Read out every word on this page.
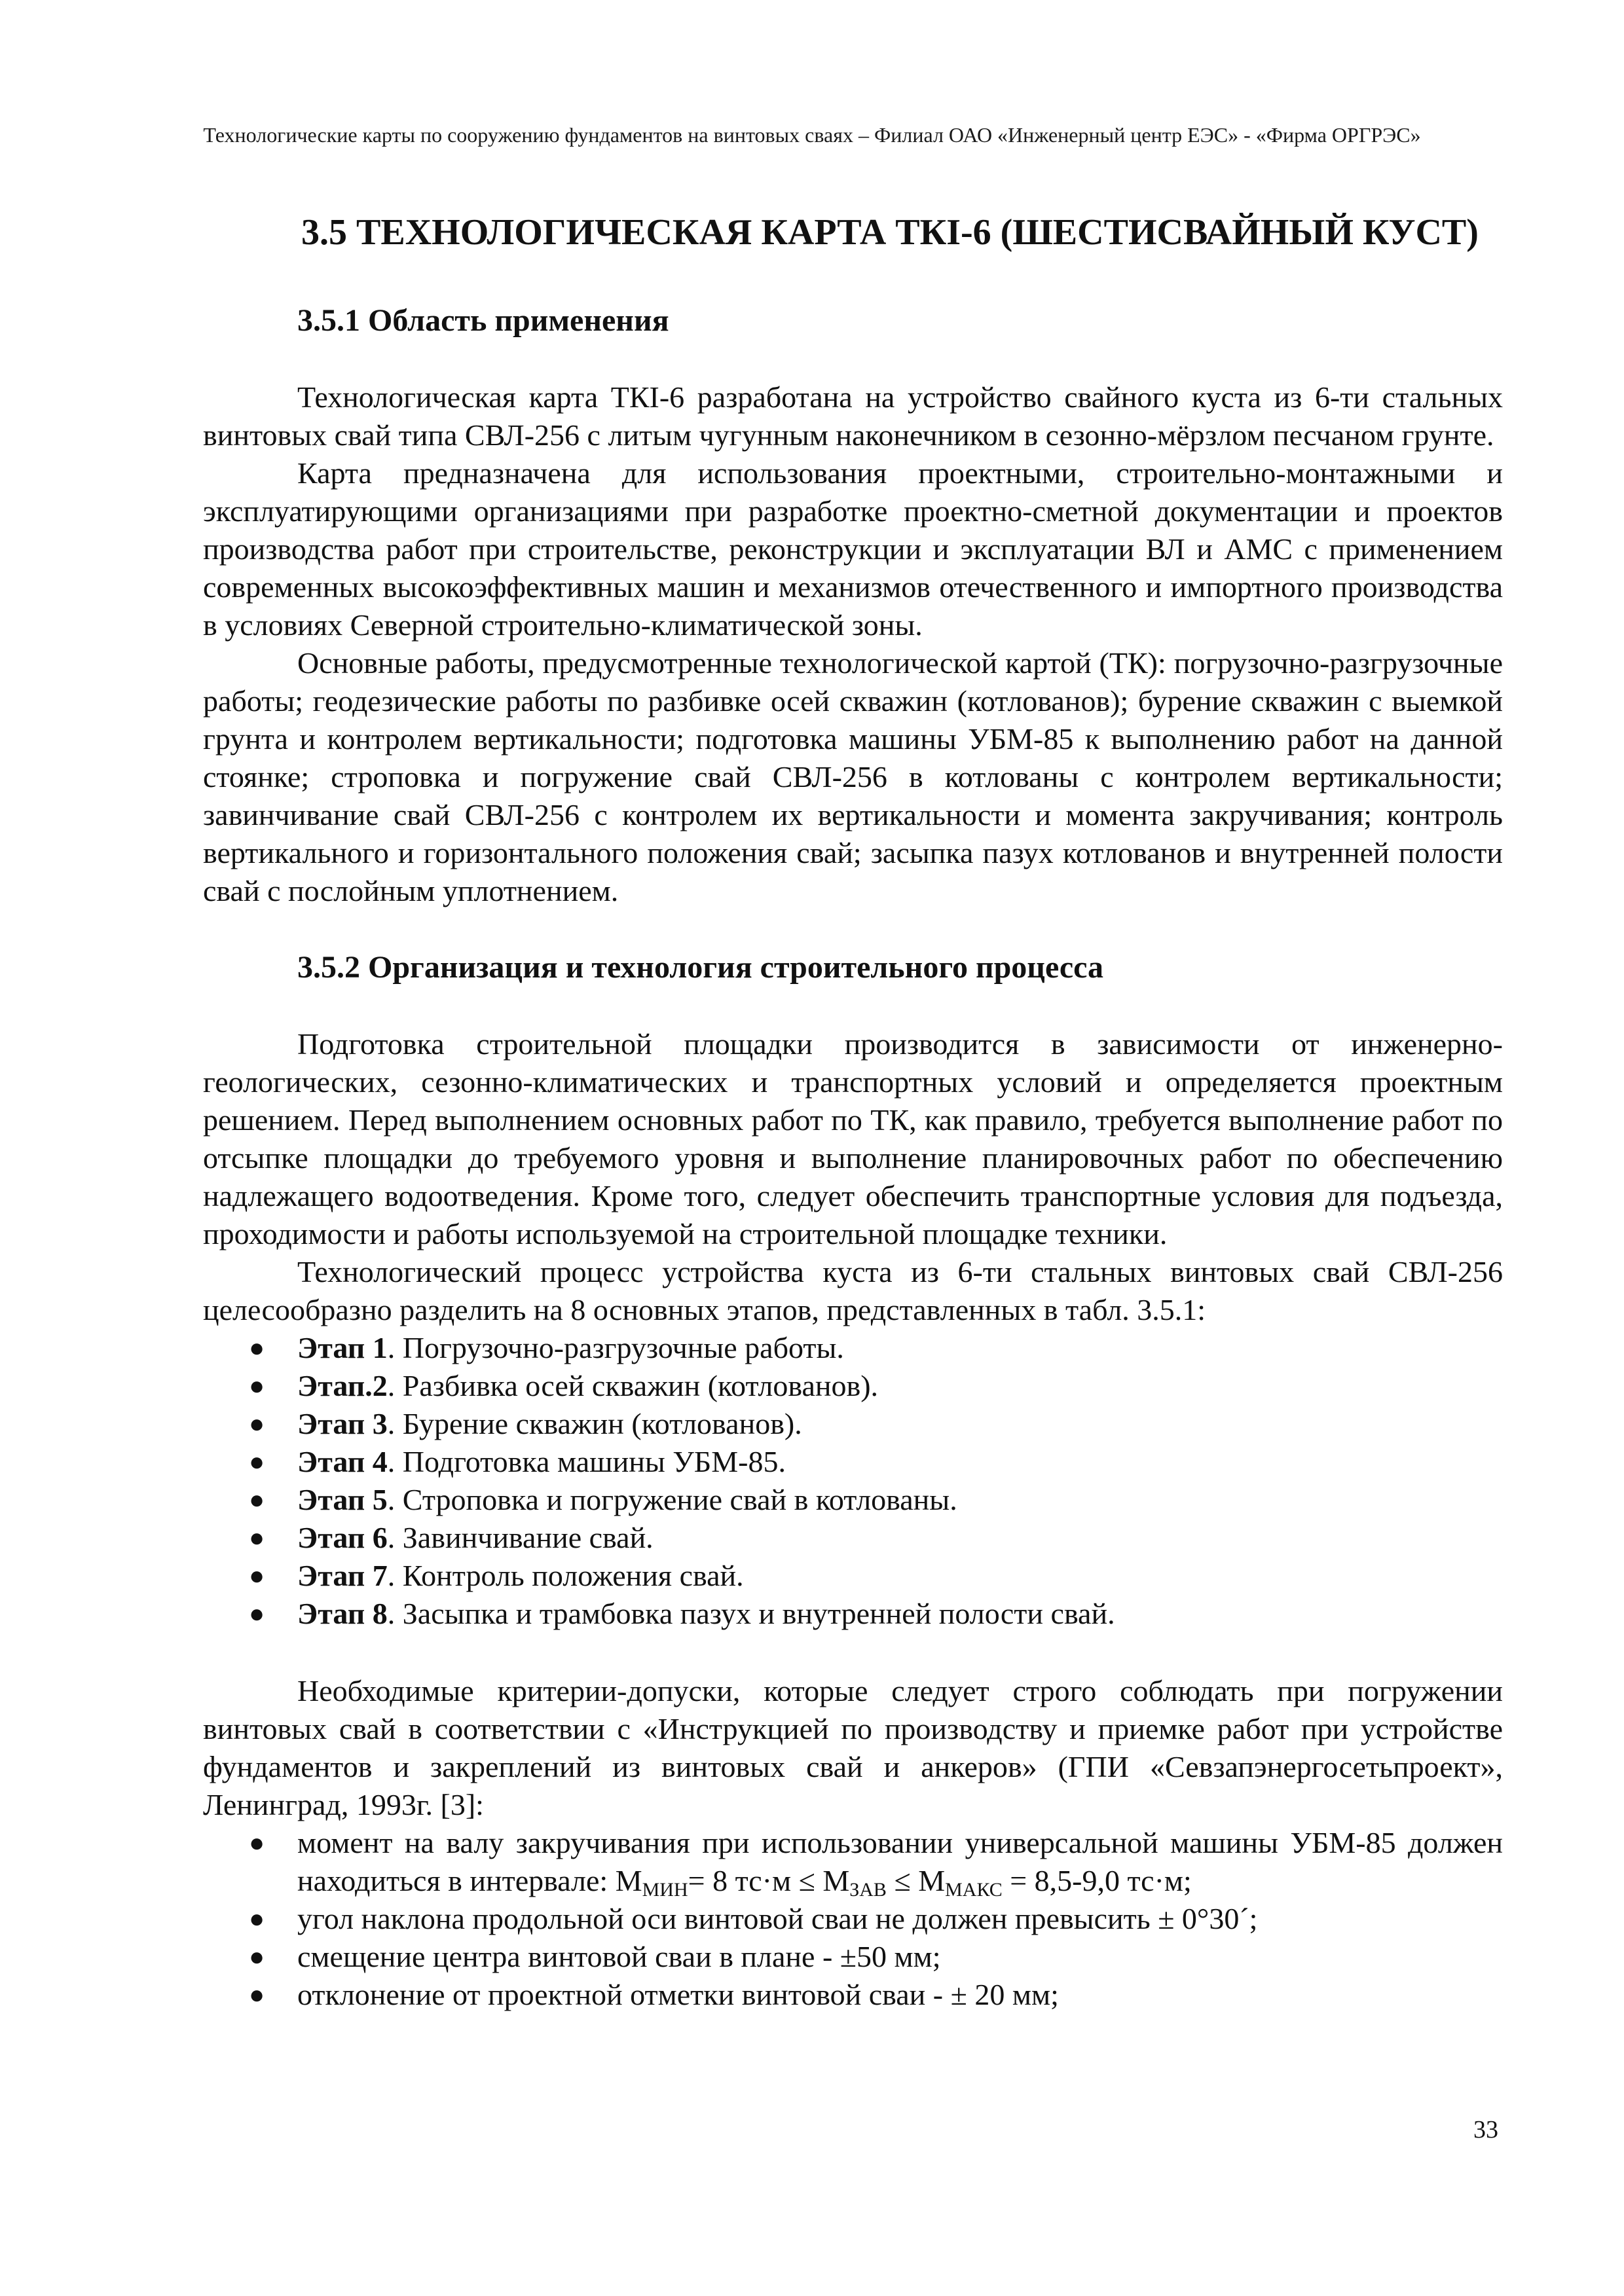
Технологические карты по сооружению фундаментов на винтовых сваях – Филиал ОАО «Инженерный центр ЕЭС» - «Фирма ОРГРЭС»
3.5 ТЕХНОЛОГИЧЕСКАЯ КАРТА ТКІ-6 (ШЕСТИСВАЙНЫЙ КУСТ)
3.5.1 Область применения

Технологическая карта ТКІ-6 разработана на устройство свайного куста из 6-ти стальных винтовых свай типа СВЛ-256 с литым чугунным наконечником в сезонно-мёрзлом песчаном грунте.

Карта предназначена для использования проектными, строительно-монтажными и эксплуатирующими организациями при разработке проектно-сметной документации и проектов производства работ при строительстве, реконструкции и эксплуатации ВЛ и АМС с применением современных высокоэффективных машин и механизмов отечественного и импортного производства в условиях Северной строительно-климатической зоны.

Основные работы, предусмотренные технологической картой (ТК): погрузочно-разгрузочные работы; геодезические работы по разбивке осей скважин (котлованов); бурение скважин с выемкой грунта и контролем вертикальности; подготовка машины УБМ-85 к выполнению работ на данной стоянке; строповка и погружение свай СВЛ-256 в котлованы с контролем вертикальности; завинчивание свай СВЛ-256 с контролем их вертикальности и момента закручивания; контроль вертикального и горизонтального положения свай; засыпка пазух котлованов и внутренней полости свай с послойным уплотнением.

3.5.2 Организация и технология строительного процесса

Подготовка строительной площадки производится в зависимости от инженерно-геологических, сезонно-климатических и транспортных условий и определяется проектным решением. Перед выполнением основных работ по ТК, как правило, требуется выполнение работ по отсыпке площадки до требуемого уровня и выполнение планировочных работ по обеспечению надлежащего водоотведения. Кроме того, следует обеспечить транспортные условия для подъезда, проходимости и работы используемой на строительной площадке техники.

Технологический процесс устройства куста из 6-ти стальных винтовых свай СВЛ-256 целесообразно разделить на 8 основных этапов, представленных в табл. 3.5.1:

● Этап 1. Погрузочно-разгрузочные работы.
● Этап.2. Разбивка осей скважин (котлованов).
● Этап 3. Бурение скважин (котлованов).
● Этап 4. Подготовка машины УБМ-85.
● Этап 5. Строповка и погружение свай в котлованы.
● Этап 6. Завинчивание свай.
● Этап 7. Контроль положения свай.
● Этап 8. Засыпка и трамбовка пазух и внутренней полости свай.

Необходимые критерии-допуски, которые следует строго соблюдать при погружении винтовых свай в соответствии с «Инструкцией по производству и приемке работ при устройстве фундаментов и закреплений из винтовых свай и анкеров» (ГПИ «Севзапэнергосетьпроект», Ленинград, 1993г. [3]:

● момент на валу закручивания при использовании универсальной машины УБМ-85 должен находиться в интервале: $М_{МИН}= 8$ $тс\cdot м \le М_{ЗАВ} \le М_{МАКС} = 8,5-9,0$ тс·м;
● угол наклона продольной оси винтовой сваи не должен превысить ± 0°30´;
● смещение центра винтовой сваи в плане - ±50 мм;
● отклонение от проектной отметки винтовой сваи - ± 20 мм;
33
